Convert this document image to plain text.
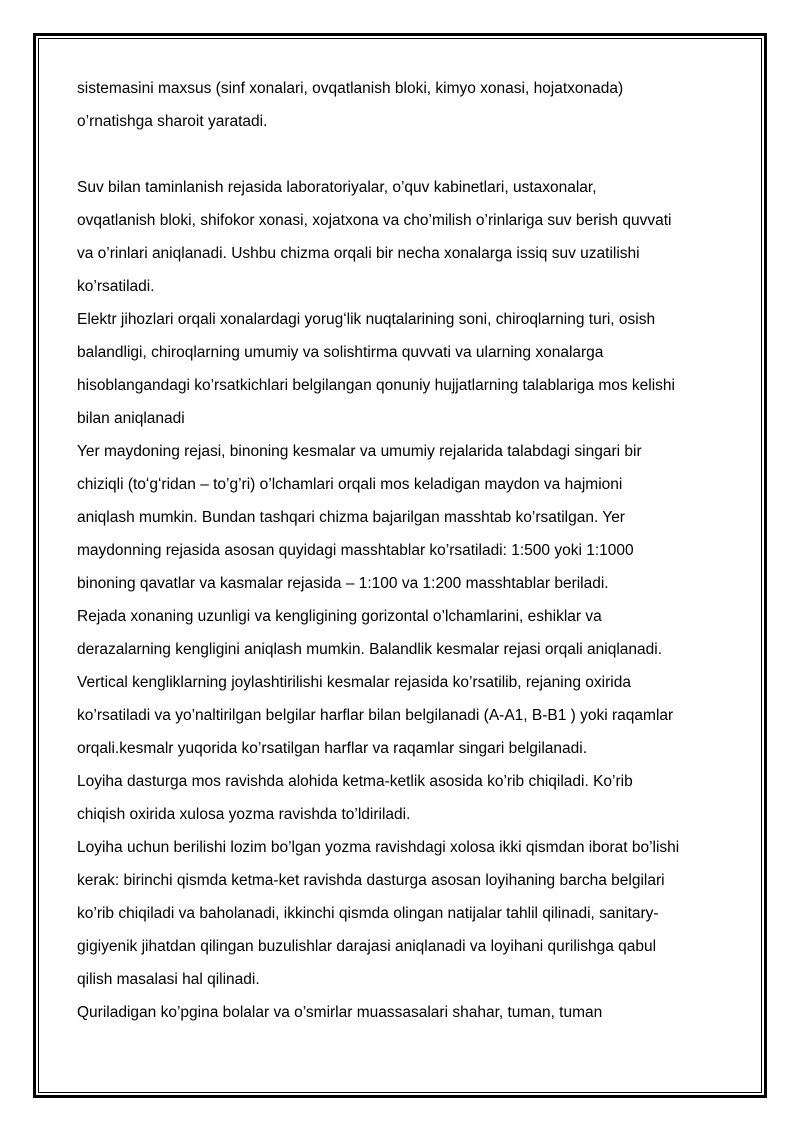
sistemasini maxsus (sinf xonalari, ovqatlanish bloki, kimyo xonasi, hojatxonada)
o’rnatishga sharoit yaratadi.

Suv bilan taminlanish rejasida laboratoriyalar, o’quv kabinetlari, ustaxonalar,
ovqatlanish bloki, shifokor xonasi, xojatxona va cho’milish o’rinlariga suv berish quvvati
va o’rinlari aniqlanadi. Ushbu chizma orqali bir necha xonalarga issiq suv uzatilishi
ko’rsatiladi.

Elektr jihozlari orqali xonalardagi yorugʻlik nuqtalarining soni, chiroqlarning turi, osish
balandligi, chiroqlarning umumiy va solishtirma quvvati va ularning xonalarga
hisoblangandagi ko’rsatkichlari belgilangan qonuniy hujjatlarning talablariga mos kelishi
bilan aniqlanadi

Yer maydoning rejasi, binoning kesmalar va umumiy rejalarida talabdagi singari bir
chiziqli (toʻgʻridan – to’g’ri) o’lchamlari orqali mos keladigan maydon va hajmioni
aniqlash mumkin. Bundan tashqari chizma bajarilgan masshtab ko’rsatilgan. Yer
maydonning rejasida asosan quyidagi masshtablar ko’rsatiladi: 1:500 yoki 1:1000
binoning qavatlar va kasmalar rejasida – 1:100 va 1:200 masshtablar beriladi.

Rejada xonaning uzunligi va kengligining gorizontal o’lchamlarini, eshiklar va
derazalarning kengligini aniqlash mumkin. Balandlik kesmalar rejasi orqali aniqlanadi.
Vertical kengliklarning joylashtirilishi kesmalar rejasida ko’rsatilib, rejaning oxirida
ko’rsatiladi va yo’naltirilgan belgilar harflar bilan belgilanadi (A-A1, B-B1 ) yoki raqamlar
orqali.kesmalr yuqorida ko’rsatilgan harflar va raqamlar singari belgilanadi.

Loyiha dasturga mos ravishda alohida ketma-ketlik asosida ko’rib chiqiladi. Ko’rib
chiqish oxirida xulosa yozma ravishda to’ldiriladi.

Loyiha uchun berilishi lozim bo’lgan yozma ravishdagi xolosa ikki qismdan iborat bo’lishi
kerak: birinchi qismda ketma-ket ravishda dasturga asosan loyihaning barcha belgilari
ko’rib chiqiladi va baholanadi, ikkinchi qismda olingan natijalar tahlil qilinadi, sanitary-
gigiyenik jihatdan qilingan buzulishlar darajasi aniqlanadi va loyihani qurilishga qabul
qilish masalasi hal qilinadi.

Quriladigan ko’pgina bolalar va o’smirlar muassasalari shahar, tuman, tuman
